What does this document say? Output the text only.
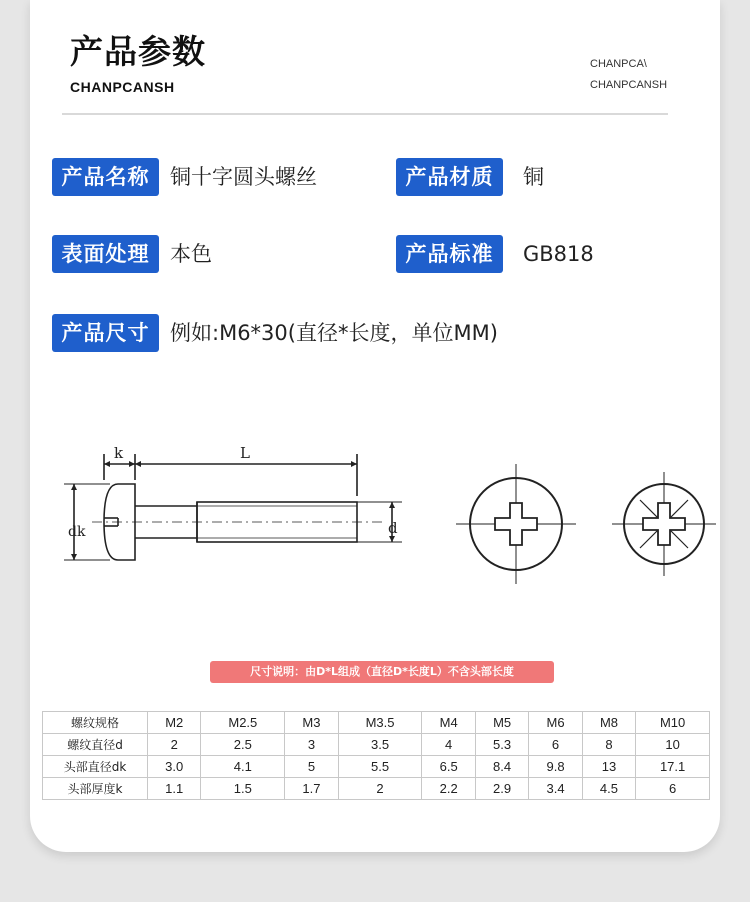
产品参数
CHANPCANSH
CHANPCA\
CHANPCANSH
产品名称 铜十字圆头螺丝	产品材质	铜
表面处理 本色	产品标准	GB818
产品尺寸 例如:M6*30(直径*长度，单位MM)
k	L
dk	d
尺寸说明：由D*L组成（直径D*长度L）不含头部长度
螺纹规格	M2	M2.5	M3	M3.5	M4	M5	M6	M8	M10
螺纹直径d	2	2.5	3	3.5	4	5.3	6	8	10
头部直径dk	3.0	4.1	5	5.5	6.5	8.4	9.8	13	17.1
头部厚度k	1.1	1.5	1.7	2	2.2	2.9	3.4	4.5	6
